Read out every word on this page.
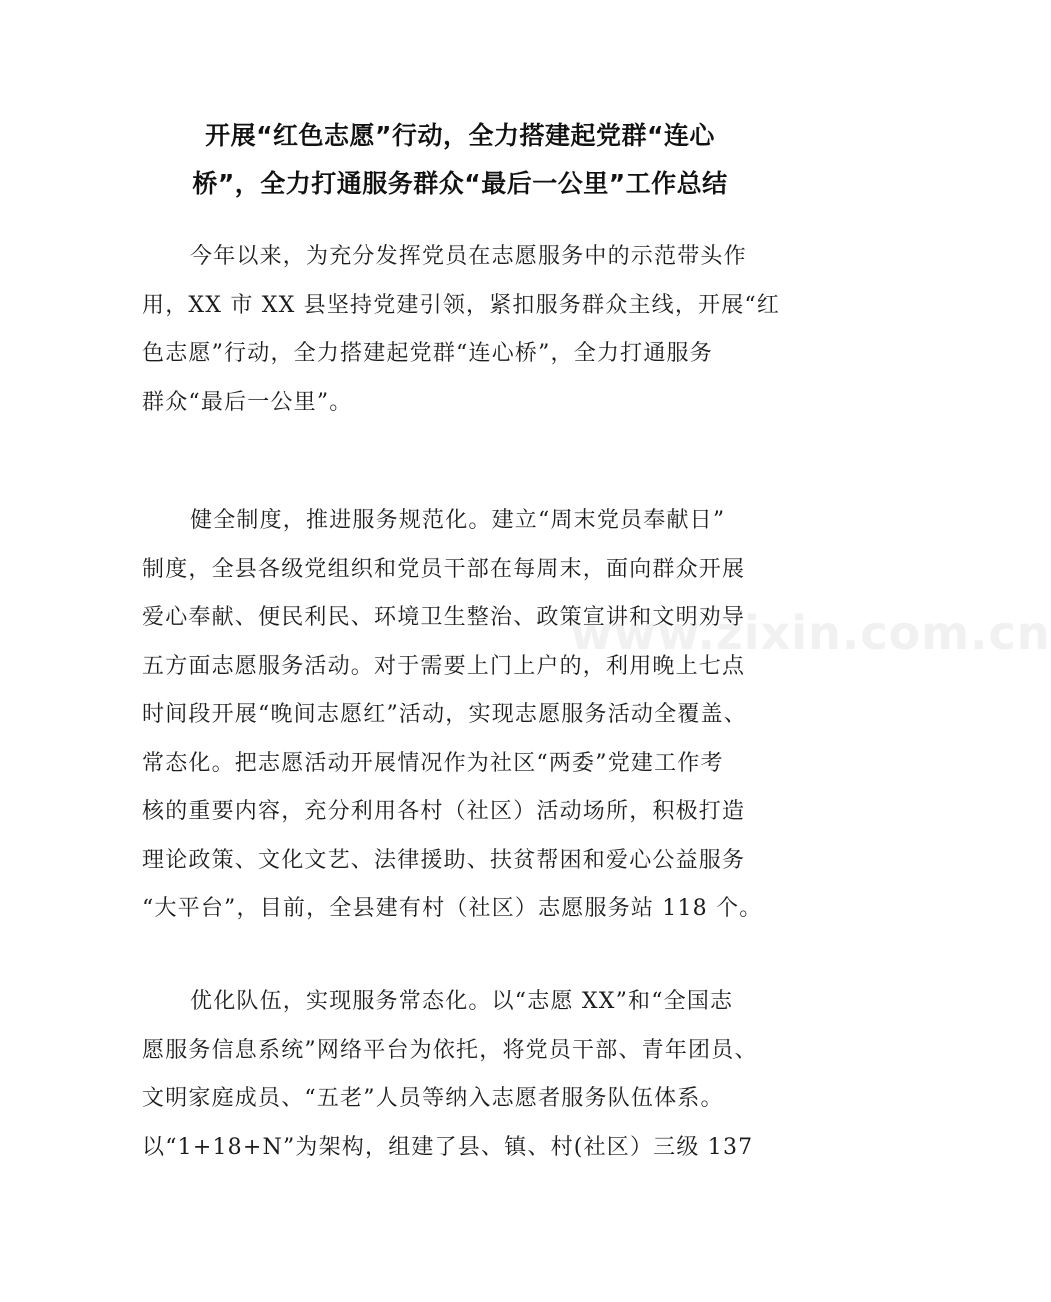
开展“红色志愿”行动，全力搭建起党群“连心
桥”，全力打通服务群众“最后一公里”工作总结

今年以来，为充分发挥党员在志愿服务中的示范带头作
用，XX 市 XX 县坚持党建引领，紧扣服务群众主线，开展“红
色志愿”行动，全力搭建起党群“连心桥”，全力打通服务
群众“最后一公里”。

健全制度，推进服务规范化。建立“周末党员奉献日”
制度，全县各级党组织和党员干部在每周末，面向群众开展
爱心奉献、便民利民、环境卫生整治、政策宣讲和文明劝导
五方面志愿服务活动。对于需要上门上户的，利用晚上七点
时间段开展“晚间志愿红”活动，实现志愿服务活动全覆盖、
常态化。把志愿活动开展情况作为社区“两委”党建工作考
核的重要内容，充分利用各村（社区）活动场所，积极打造
理论政策、文化文艺、法律援助、扶贫帮困和爱心公益服务
“大平台”，目前，全县建有村（社区）志愿服务站 118 个。

优化队伍，实现服务常态化。以“志愿 XX”和“全国志
愿服务信息系统”网络平台为依托，将党员干部、青年团员、
文明家庭成员、“五老”人员等纳入志愿者服务队伍体系。
以“1+18+N”为架构，组建了县、镇、村(社区）三级 137

www.zixin.com.cn
